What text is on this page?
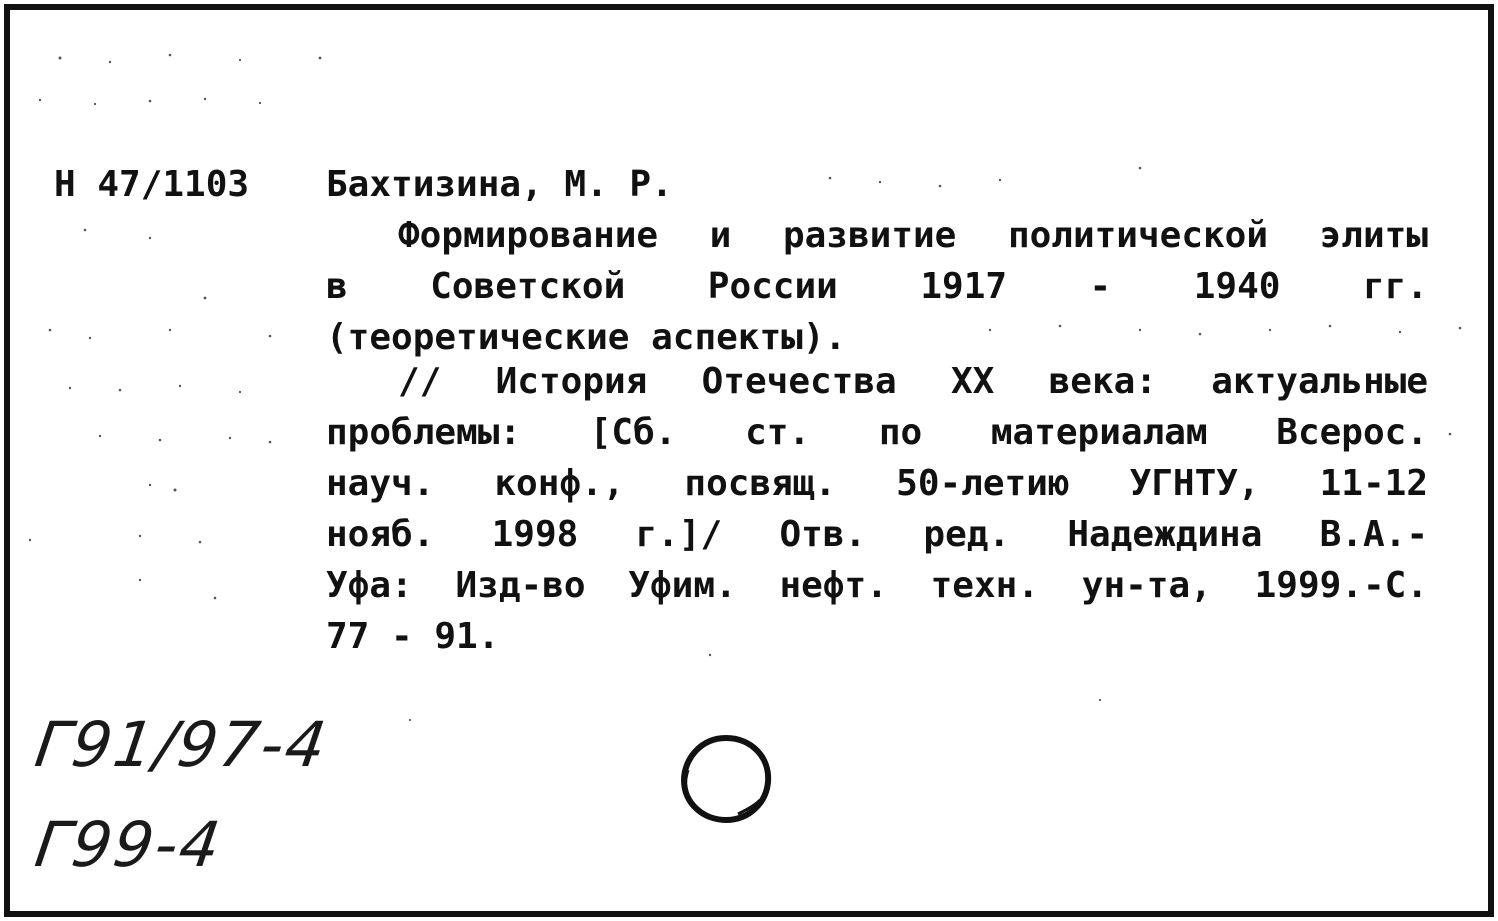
Н 47/1103 Бахтизина, М. Р.
Формирование и развитие политической элиты
в Советской России 1917 - 1940 гг.
(теоретические аспекты).
// История Отечества XX века: актуальные
проблемы: [Сб. ст. по материалам Всерос.
науч. конф., посвящ. 50-летию УГНТУ, 11-12
нояб. 1998 г.]/ Отв. ред. Надеждина В.А.-
Уфа: Изд-во Уфим. нефт. техн. ун-та, 1999.-С.
77 - 91.
Г91/97-4
Г99-4
